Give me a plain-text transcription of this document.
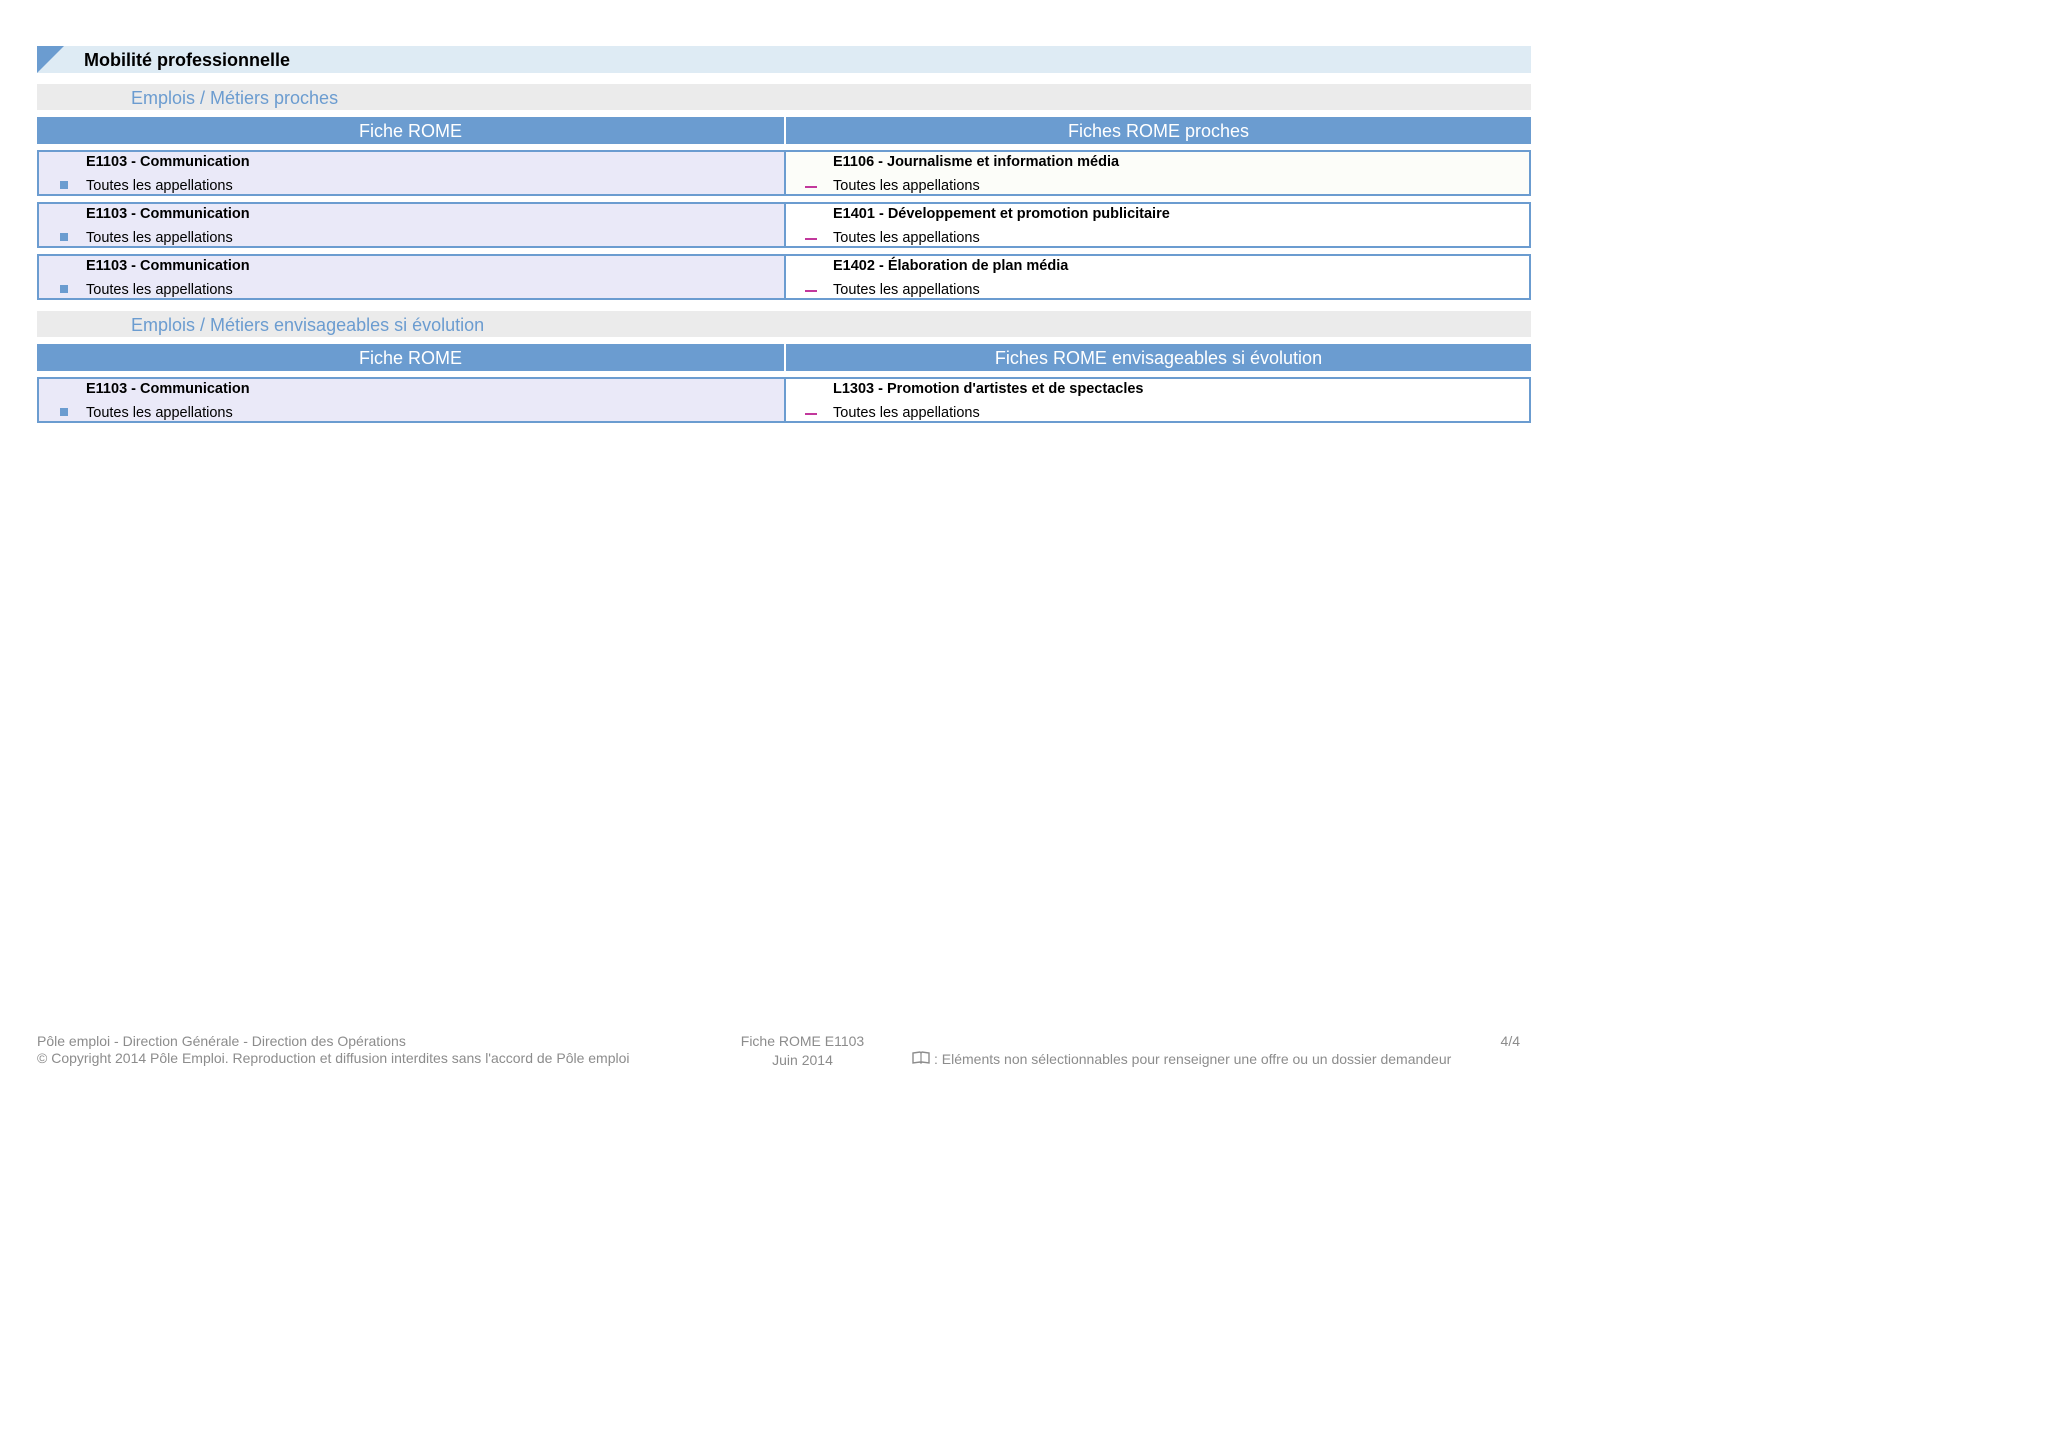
Mobilité professionnelle
Emplois / Métiers proches
Fiche ROME	Fiches ROME proches
E1103 - Communication
Toutes les appellations
E1106 - Journalisme et information média
Toutes les appellations
E1103 - Communication
Toutes les appellations
E1401 - Développement et promotion publicitaire
Toutes les appellations
E1103 - Communication
Toutes les appellations
E1402 - Élaboration de plan média
Toutes les appellations
Emplois / Métiers envisageables si évolution
Fiche ROME	Fiches ROME envisageables si évolution
E1103 - Communication
Toutes les appellations
L1303 - Promotion d'artistes et de spectacles
Toutes les appellations
Pôle emploi - Direction Générale - Direction des Opérations
© Copyright 2014 Pôle Emploi. Reproduction et diffusion interdites sans l'accord de Pôle emploi
Fiche ROME E1103
Juin 2014
4/4
: Eléments non sélectionnables pour renseigner une offre ou un dossier demandeur
